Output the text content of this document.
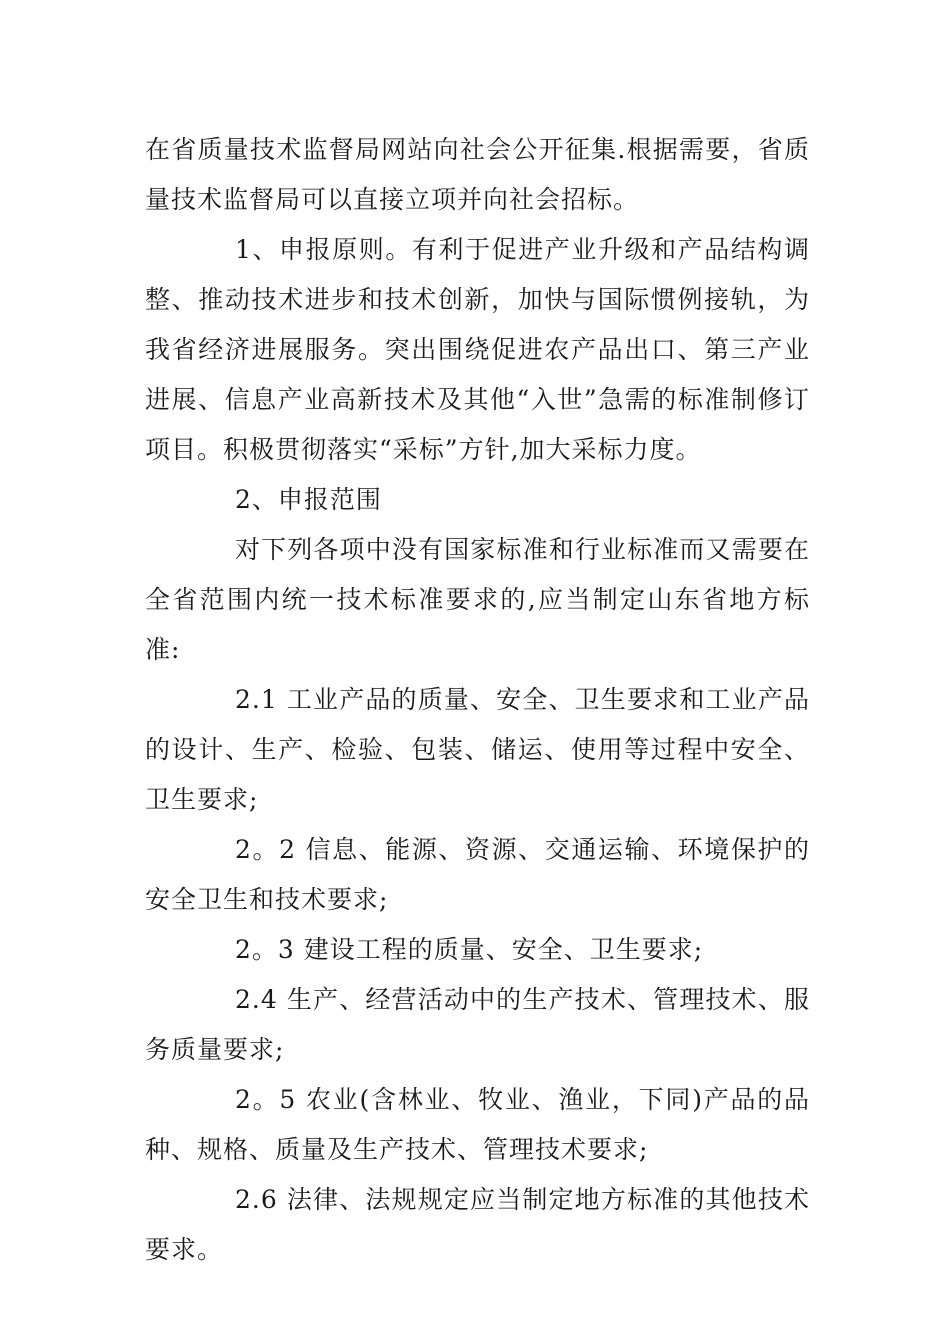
在省质量技术监督局网站向社会公开征集.根据需要，省质量技术监督局可以直接立项并向社会招标。

1、申报原则。有利于促进产业升级和产品结构调整、推动技术进步和技术创新，加快与国际惯例接轨，为我省经济进展服务。突出围绕促进农产品出口、第三产业进展、信息产业高新技术及其他“入世”急需的标准制修订项目。积极贯彻落实“采标”方针,加大采标力度。

2、申报范围

对下列各项中没有国家标准和行业标准而又需要在全省范围内统一技术标准要求的,应当制定山东省地方标准:

2.1 工业产品的质量、安全、卫生要求和工业产品的设计、生产、检验、包装、储运、使用等过程中安全、卫生要求;

2。2 信息、能源、资源、交通运输、环境保护的安全卫生和技术要求;

2。3 建设工程的质量、安全、卫生要求;

2.4 生产、经营活动中的生产技术、管理技术、服务质量要求;

2。5 农业(含林业、牧业、渔业，下同)产品的品种、规格、质量及生产技术、管理技术要求;

2.6 法律、法规规定应当制定地方标准的其他技术要求。
